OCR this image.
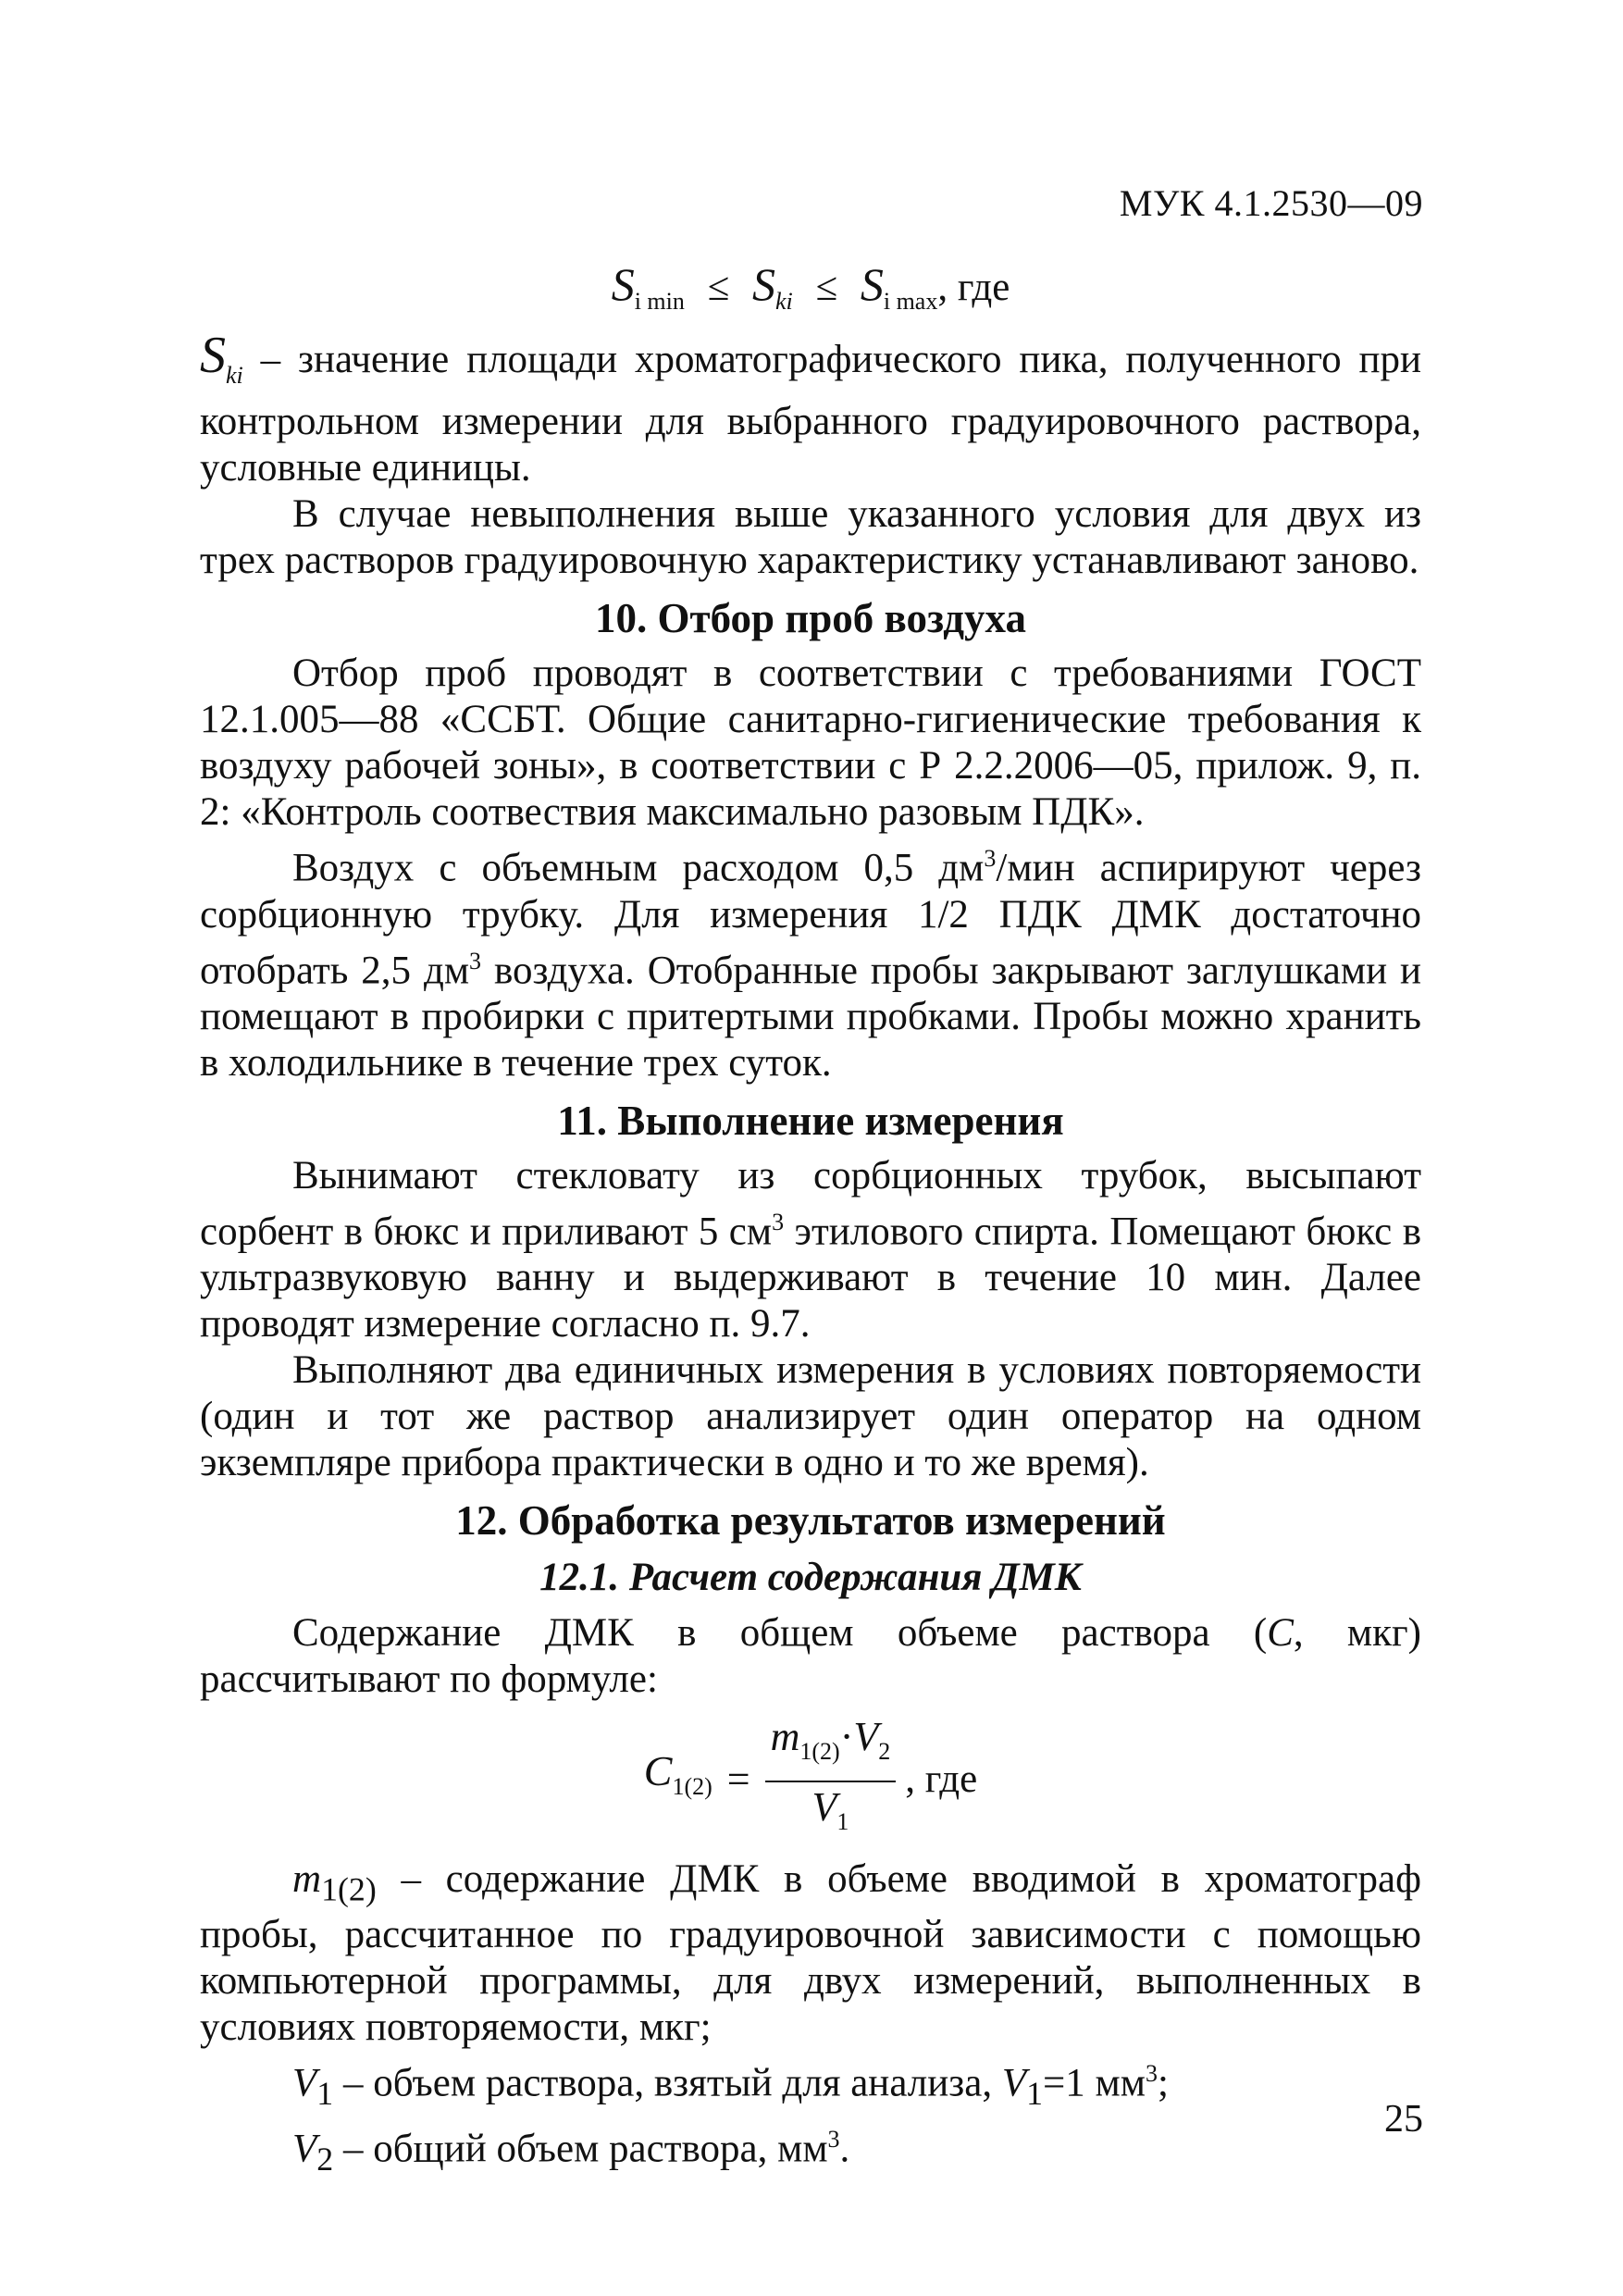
МУК 4.1.2530—09
$S_{i min} \le S_{ki} \le S_{i max}$, где

$S_{ki}$ – значение площади хроматографического пика, полученного при контрольном измерении для выбранного градуировочного раствора, условные единицы.

В случае невыполнения выше указанного условия для двух из трех растворов градуировочную характеристику устанавливают заново.

10. Отбор проб воздуха

Отбор проб проводят в соответствии с требованиями ГОСТ 12.1.005—88 «ССБТ. Общие санитарно-гигиенические требования к воздуху рабочей зоны», в соответствии с Р 2.2.2006—05, прилож. 9, п. 2: «Контроль соотвествия максимально разовым ПДК».

Воздух с объемным расходом 0,5 $дм^3$/мин аспирируют через сорбционную трубку. Для измерения 1/2 ПДК ДМК достаточно отобрать 2,5 $дм^3$ воздуха. Отобранные пробы закрывают заглушками и помещают в пробирки с притертыми пробками. Пробы можно хранить в холодильнике в течение трех суток.

11. Выполнение измерения

Вынимают стекловату из сорбционных трубок, высыпают сорбент в бюкс и приливают 5 $см^3$ этилового спирта. Помещают бюкс в ультразвуковую ванну и выдерживают в течение 10 мин. Далее проводят измерение согласно п. 9.7.

Выполняют два единичных измерения в условиях повторяемости (один и тот же раствор анализирует один оператор на одном экземпляре прибора практически в одно и то же время).

12. Обработка результатов измерений
12.1. Расчет содержания ДМК

Содержание ДМК в общем объеме раствора (C, мкг) рассчитывают по формуле:

$C_{1(2)} = \frac{m_{1(2)}\cdot V_2}{V_1}$ , где

$m_{1(2)}$ – содержание ДМК в объеме вводимой в хроматограф пробы, рассчитанное по градуировочной зависимости с помощью компьютерной программы, для двух измерений, выполненных в условиях повторяемости, мкг;

$V_1$ – объем раствора, взятый для анализа, $V_1=1$ $мм^3$;

$V_2$ – общий объем раствора, $мм^3$.

25
